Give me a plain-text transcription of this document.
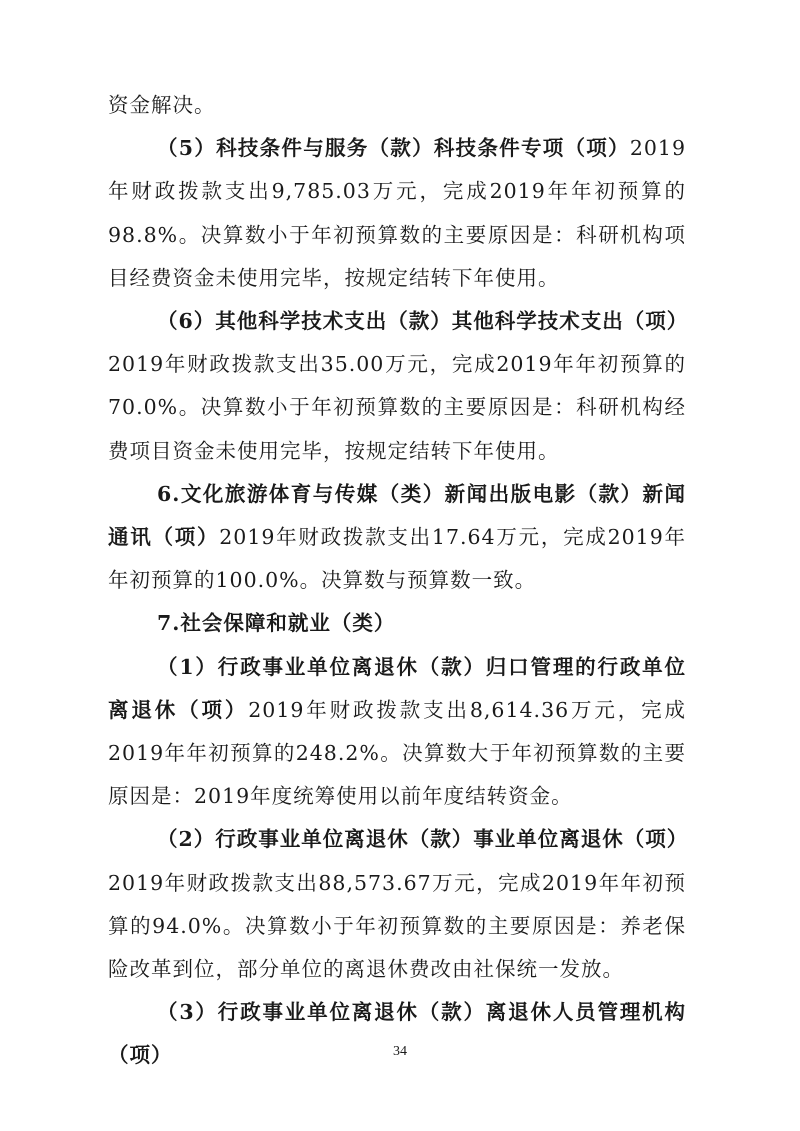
资金解决。

（5）科技条件与服务（款）科技条件专项（项）2019年财政拨款支出9,785.03万元，完成2019年年初预算的98.8%。决算数小于年初预算数的主要原因是：科研机构项目经费资金未使用完毕，按规定结转下年使用。

（6）其他科学技术支出（款）其他科学技术支出（项）2019年财政拨款支出35.00万元，完成2019年年初预算的70.0%。决算数小于年初预算数的主要原因是：科研机构经费项目资金未使用完毕，按规定结转下年使用。

6.文化旅游体育与传媒（类）新闻出版电影（款）新闻通讯（项）2019年财政拨款支出17.64万元，完成2019年年初预算的100.0%。决算数与预算数一致。

7.社会保障和就业（类）

（1）行政事业单位离退休（款）归口管理的行政单位离退休（项）2019年财政拨款支出8,614.36万元，完成2019年年初预算的248.2%。决算数大于年初预算数的主要原因是：2019年度统筹使用以前年度结转资金。

（2）行政事业单位离退休（款）事业单位离退休（项）2019年财政拨款支出88,573.67万元，完成2019年年初预算的94.0%。决算数小于年初预算数的主要原因是：养老保险改革到位，部分单位的离退休费改由社保统一发放。

（3）行政事业单位离退休（款）离退休人员管理机构（项）	34
